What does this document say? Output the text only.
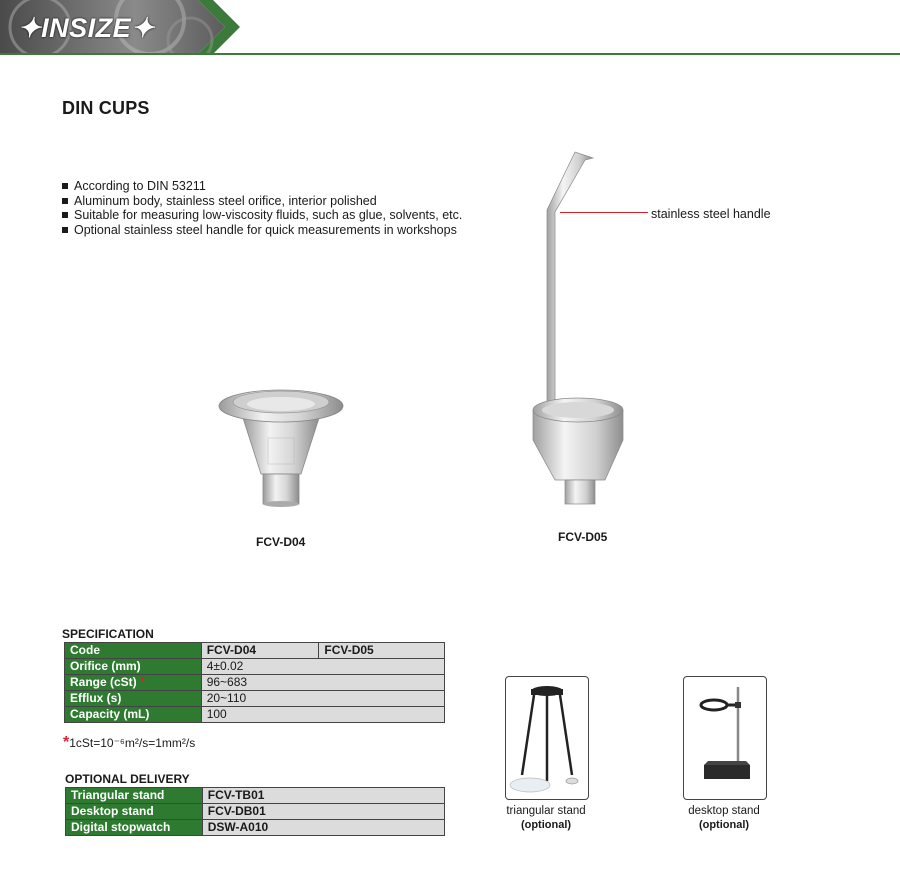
✦INSIZE✦
DIN CUPS
According to DIN 53211
Aluminum body, stainless steel orifice, interior polished
Suitable for measuring low-viscosity fluids, such as glue, solvents, etc.
Optional stainless steel handle for quick measurements in workshops
FCV-D04
stainless steel handle
FCV-D05
SPECIFICATION
Code	FCV-D04	FCV-D05
Orifice (mm)	4±0.02	
Range (cSt) *	96~683	
Efflux (s)	20~110	
Capacity (mL)	100	
*1cSt=10⁻⁶m²/s=1mm²/s
OPTIONAL DELIVERY
Triangular stand	FCV-TB01
Desktop stand	FCV-DB01
Digital stopwatch	DSW-A010
triangular stand
(optional)
desktop stand
(optional)
